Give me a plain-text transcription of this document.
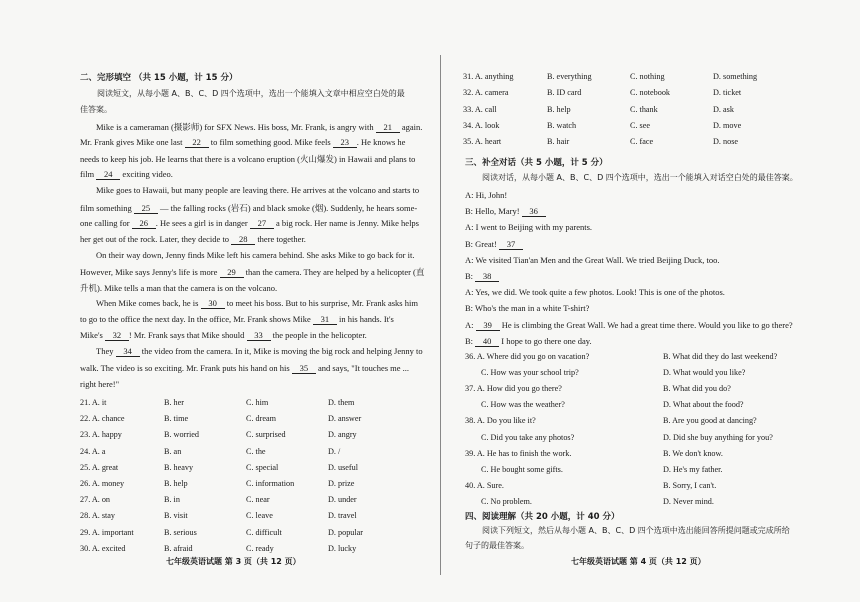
二、完形填空 （共 15 小题，计 15 分）
阅读短文，从每小题 A、B、C、D 四个选项中，选出一个能填入文章中相应空白处的最
佳答案。
Mike is a cameraman (摄影师) for SFX News. His boss, Mr. Frank, is angry with 21 again.
Mr. Frank gives Mike one last 22 to film something good. Mike feels 23 . He knows he
needs to keep his job. He learns that there is a volcano eruption (火山爆发) in Hawaii and plans to
film 24 exciting video.
Mike goes to Hawaii, but many people are leaving there. He arrives at the volcano and starts to
film something 25 — the falling rocks (岩石) and black smoke (烟). Suddenly, he hears some-
one calling for 26 . He sees a girl is in danger 27 a big rock. Her name is Jenny. Mike helps
her get out of the rock. Later, they decide to 28 there together.
On their way down, Jenny finds Mike left his camera behind. She asks Mike to go back for it.
However, Mike says Jenny's life is more 29 than the camera. They are helped by a helicopter (直
升机). Mike tells a man that the camera is on the volcano.
When Mike comes back, he is 30 to meet his boss. But to his surprise, Mr. Frank asks him
to go to the office the next day. In the office, Mr. Frank shows Mike 31 in his hands. It's
Mike's 32 ! Mr. Frank says that Mike should 33 the people in the helicopter.
They 34 the video from the camera. In it, Mike is moving the big rock and helping Jenny to
walk. The video is so exciting. Mr. Frank puts his hand on his 35 and says, "It touches me ...
right here!"
21. A. it	B. her	C. him	D. them
22. A. chance	B. time	C. dream	D. answer
23. A. happy	B. worried	C. surprised	D. angry
24. A. a	B. an	C. the	D. /
25. A. great	B. heavy	C. special	D. useful
26. A. money	B. help	C. information	D. prize
27. A. on	B. in	C. near	D. under
28. A. stay	B. visit	C. leave	D. travel
29. A. important	B. serious	C. difficult	D. popular
30. A. excited	B. afraid	C. ready	D. lucky
七年级英语试题 第 3 页（共 12 页）
31. A. anything	B. everything	C. nothing	D. something
32. A. camera	B. ID card	C. notebook	D. ticket
33. A. call	B. help	C. thank	D. ask
34. A. look	B. watch	C. see	D. move
35. A. heart	B. hair	C. face	D. nose
三、补全对话（共 5 小题，计 5 分）
阅读对话，从每小题 A、B、C、D 四个选项中，选出一个能填入对话空白处的最佳答案。
A: Hi, John!
B: Hello, Mary! 36
A: I went to Beijing with my parents.
B: Great! 37
A: We visited Tian'an Men and the Great Wall. We tried Beijing Duck, too.
B: 38
A: Yes, we did. We took quite a few photos. Look! This is one of the photos.
B: Who's the man in a white T-shirt?
A: 39 He is climbing the Great Wall. We had a great time there. Would you like to go there?
B: 40 I hope to go there one day.
36. A. Where did you go on vacation?	B. What did they do last weekend?
C. How was your school trip?	D. What would you like?
37. A. How did you go there?	B. What did you do?
C. How was the weather?	D. What about the food?
38. A. Do you like it?	B. Are you good at dancing?
C. Did you take any photos?	D. Did she buy anything for you?
39. A. He has to finish the work.	B. We don't know.
C. He bought some gifts.	D. He's my father.
40. A. Sure.	B. Sorry, I can't.
C. No problem.	D. Never mind.
四、阅读理解（共 20 小题，计 40 分）
阅读下列短文，然后从每小题 A、B、C、D 四个选项中选出能回答所提问题或完成所给
句子的最佳答案。
七年级英语试题 第 4 页（共 12 页）
